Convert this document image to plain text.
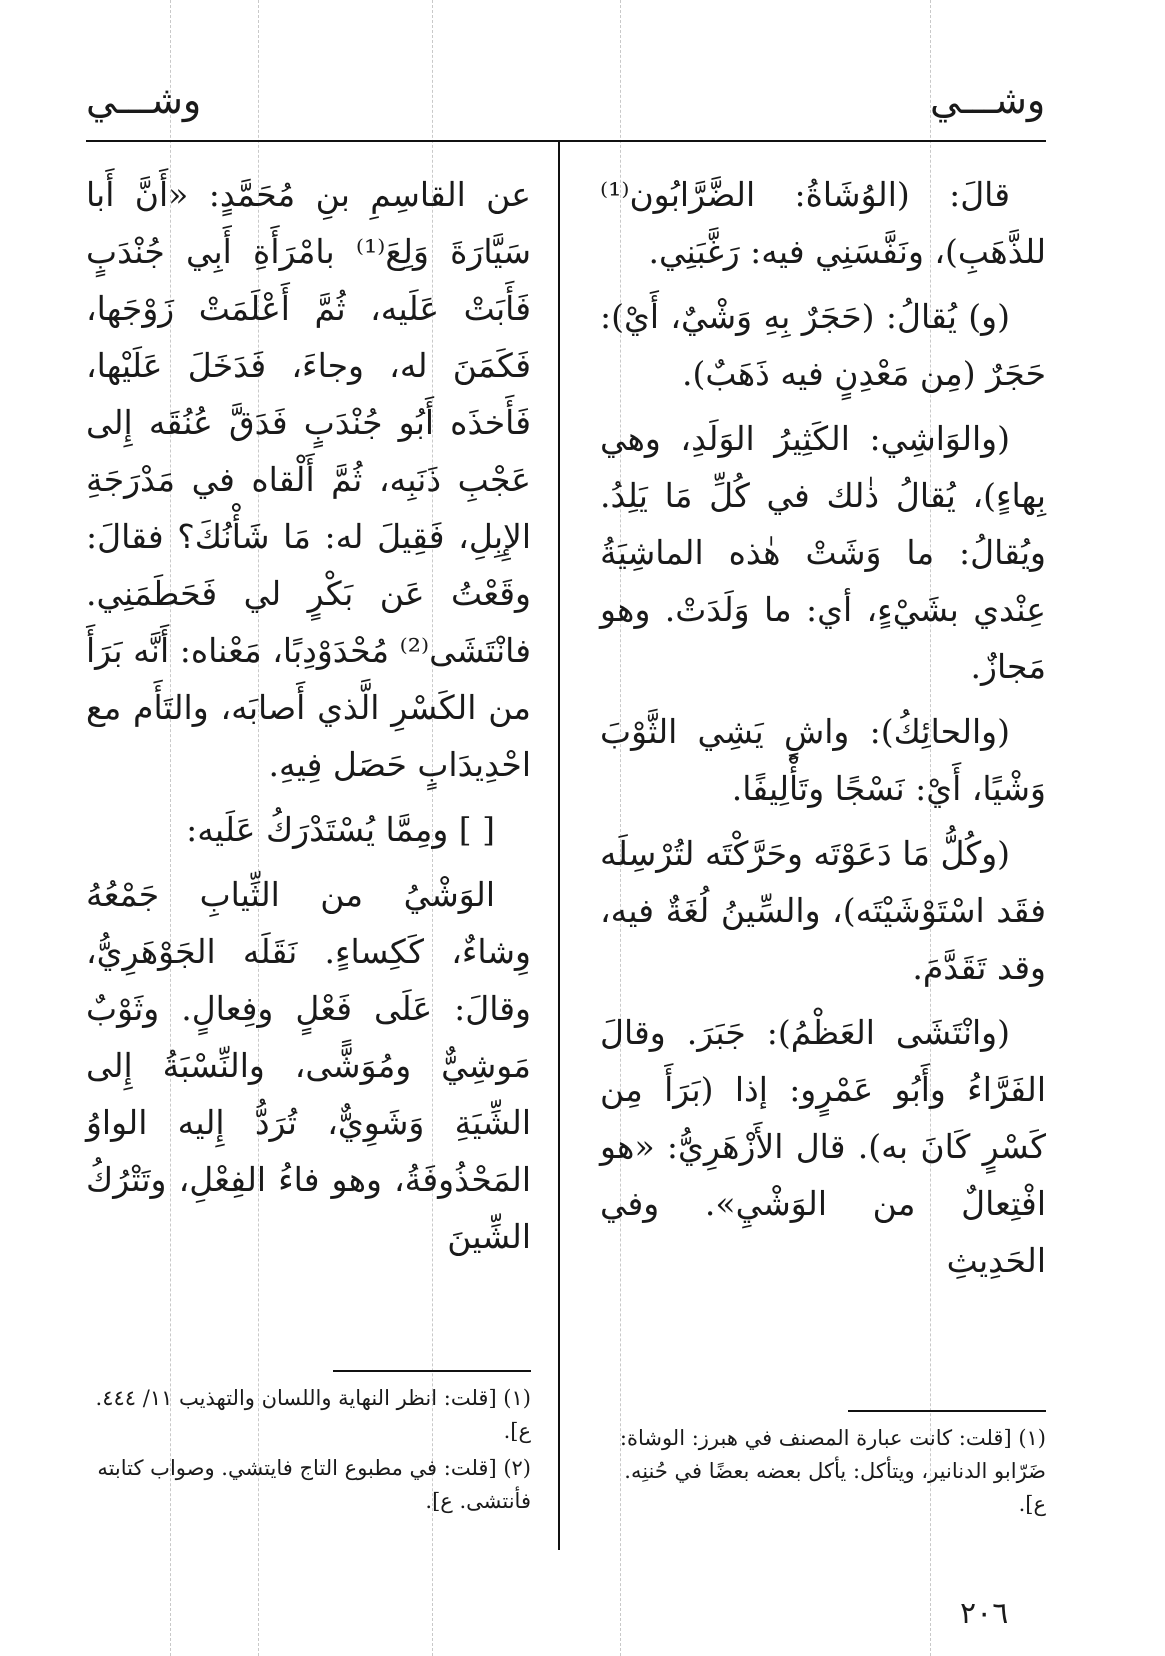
وشـــي
وشـــي

قالَ: (الوُشَاةُ: الضَّرَّابُون⁽¹⁾ للذَّهَبِ)، ونَفَّسَنِي فيه: رَغَّبَنِي.

(و) يُقالُ: (حَجَرٌ بِهِ وَشْيٌ، أَيْ): حَجَرٌ (مِن مَعْدِنٍ فيه ذَهَبٌ).

(والوَاشِي: الكَثِيرُ الوَلَدِ، وهي بِهاءٍ)، يُقالُ ذٰلك في كُلِّ مَا يَلِدُ. ويُقالُ: ما وَشَتْ هٰذه الماشِيَةُ عِنْدي بشَيْءٍ، أي: ما وَلَدَتْ. وهو مَجازٌ.

(والحائِكُ): واشٍ يَشِي الثَّوْبَ وَشْيًا، أَيْ: نَسْجًا وتَأْلِيفًا.

(وكُلُّ مَا دَعَوْتَه وحَرَّكْتَه لتُرْسِلَه فقَد اسْتَوْشَيْتَه)، والسِّينُ لُغَةٌ فيه، وقد تَقَدَّمَ.

(وانْتَشَى العَظْمُ): جَبَرَ. وقالَ الفَرَّاءُ وأَبُو عَمْرٍو: إذا (بَرَأَ مِن كَسْرٍ كَانَ به). قال الأَزْهَرِيُّ: «هو افْتِعالٌ من الوَشْيِ». وفي الحَدِيثِ

عن القاسِمِ بنِ مُحَمَّدٍ: «أَنَّ أَبا سَيَّارَةَ وَلِعَ⁽¹⁾ بامْرَأَةِ أَبِي جُنْدَبٍ فَأَبَتْ عَلَيه، ثُمَّ أَعْلَمَتْ زَوْجَها، فَكَمَنَ له، وجاءَ، فَدَخَلَ عَلَيْها، فَأَخذَه أَبُو جُنْدَبٍ فَدَقَّ عُنُقَه إِلى عَجْبِ ذَنَبِه، ثُمَّ أَلْقاه في مَدْرَجَةِ الإِبِلِ، فَقِيلَ له: مَا شَأْنُكَ؟ فقالَ: وقَعْتُ عَن بَكْرٍ لي فَحَطَمَنِي. فانْتَشَى⁽²⁾ مُحْدَوْدِبًا، مَعْناه: أَنَّه بَرَأَ من الكَسْرِ الَّذي أَصابَه، والتَأَم مع احْدِيدَابٍ حَصَل فِيهِ.

[ ] ومِمَّا يُسْتَدْرَكُ عَلَيه:

الوَشْيُ من الثِّيابِ جَمْعُهُ وِشاءٌ، كَكِساءٍ. نَقَلَه الجَوْهَرِيُّ، وقالَ: عَلَى فَعْلٍ وفِعالٍ. وثَوْبٌ مَوشِيٌّ ومُوَشًّى، والنِّسْبَةُ إِلى الشِّيَةِ وَشَوِيٌّ، تُرَدُّ إِليه الواوُ المَحْذُوفَةُ، وهو فاءُ الفِعْلِ، وتَتْرُكُ الشِّينَ

(١) [قلت: كانت عبارة المصنف في هبرز: الوشاة: ضَرّابو الدنانير، ويتأكل: يأكل بعضه بعضًا في حُننِه. ع].

(١) [قلت: انظر النهاية واللسان والتهذيب ١١/ ٤٤٤. ع].

(٢) [قلت: في مطبوع التاج فايتشي. وصواب كتابته فأنتشى. ع].

٢٠٦
